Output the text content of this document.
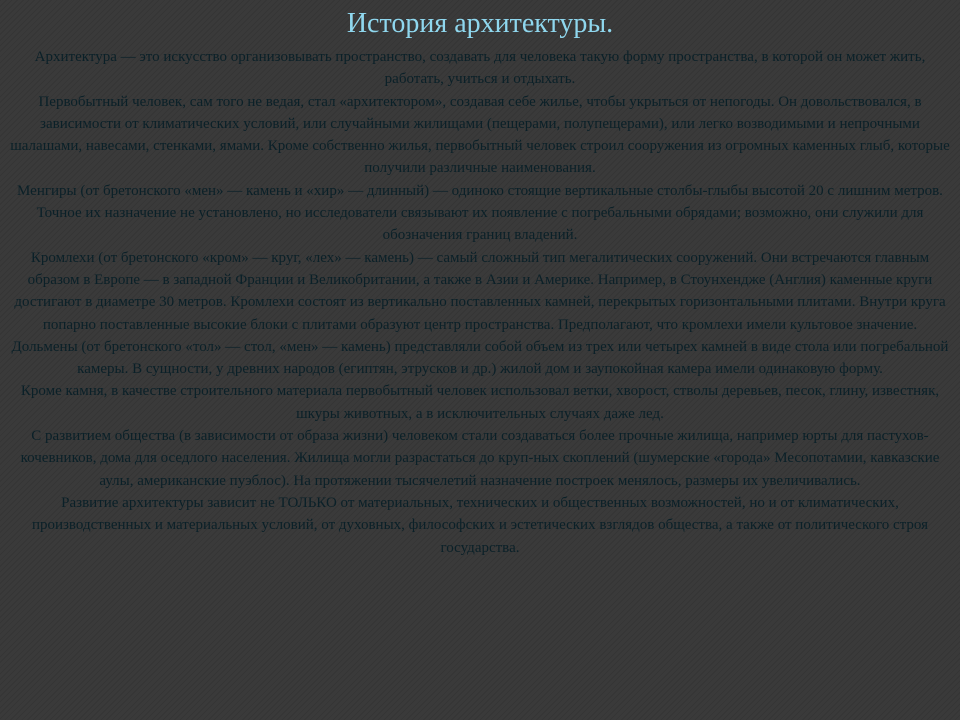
История архитектуры.

Архитектура — это искусство организовывать пространство, создавать для человека такую форму пространства, в которой он может жить, работать, учиться и отдыхать.

Первобытный человек, сам того не ведая, стал «архитектором», создавая себе жилье, чтобы укрыться от непогоды. Он довольствовался, в зависимости от климатических условий, или случайными жилищами (пещерами, полупещерами), или легко возводимыми и непрочными шалашами, навесами, стенками, ямами. Кроме собственно жилья, первобытный человек строил сооружения из огромных каменных глыб, которые получили различные наименования.

Менгиры (от бретонского «мен» — камень и «хир» — длинный) — одиноко стоящие вертикальные столбы-глыбы высотой 20 с лишним метров.

Точное их назначение не установлено, но исследователи связывают их появление с погребальными обрядами; возможно, они служили для обозначения границ владений.

Кромлехи (от бретонского «кром» — круг, «лех» — камень) — самый сложный тип мегалитических сооружений. Они встречаются главным образом в Европе — в западной Франции и Великобритании, а также в Азии и Америке. Например, в Стоунхендже (Англия) каменные круги достигают в диаметре 30 метров. Кромлехи состоят из вертикально поставленных камней, перекрытых горизонтальными плитами. Внутри круга попарно поставленные высокие блоки с плитами образуют центр пространства. Предполагают, что кромлехи имели культовое значение.

Дольмены (от бретонского «тол» — стол, «мен» — камень) представляли собой объем из трех или четырех камней в виде стола или погребальной камеры. В сущности, у древних народов (египтян, этрусков и др.) жилой дом и заупокойная камера имели одинаковую форму.

Кроме камня, в качестве строительного материала первобытный человек использовал ветки, хворост, стволы деревьев, песок, глину, известняк, шкуры животных, а в исключительных случаях даже лед.

С развитием общества (в зависимости от образа жизни) человеком стали создаваться более прочные жилища, например юрты для пастухов-кочевников, дома для оседлого населения. Жилища могли разрастаться до круп-ных скоплений (шумерские «города» Месопотамии, кавказские аулы, американские пуэблос). На протяжении тысячелетий назначение построек менялось, размеры их увеличивались.

Развитие архитектуры зависит не ТОЛЬКО от материальных, технических и общественных возможностей, но и от климатических, производственных и материальных условий, от духовных, философских и эстетических взглядов общества, а также от политического строя государства.
